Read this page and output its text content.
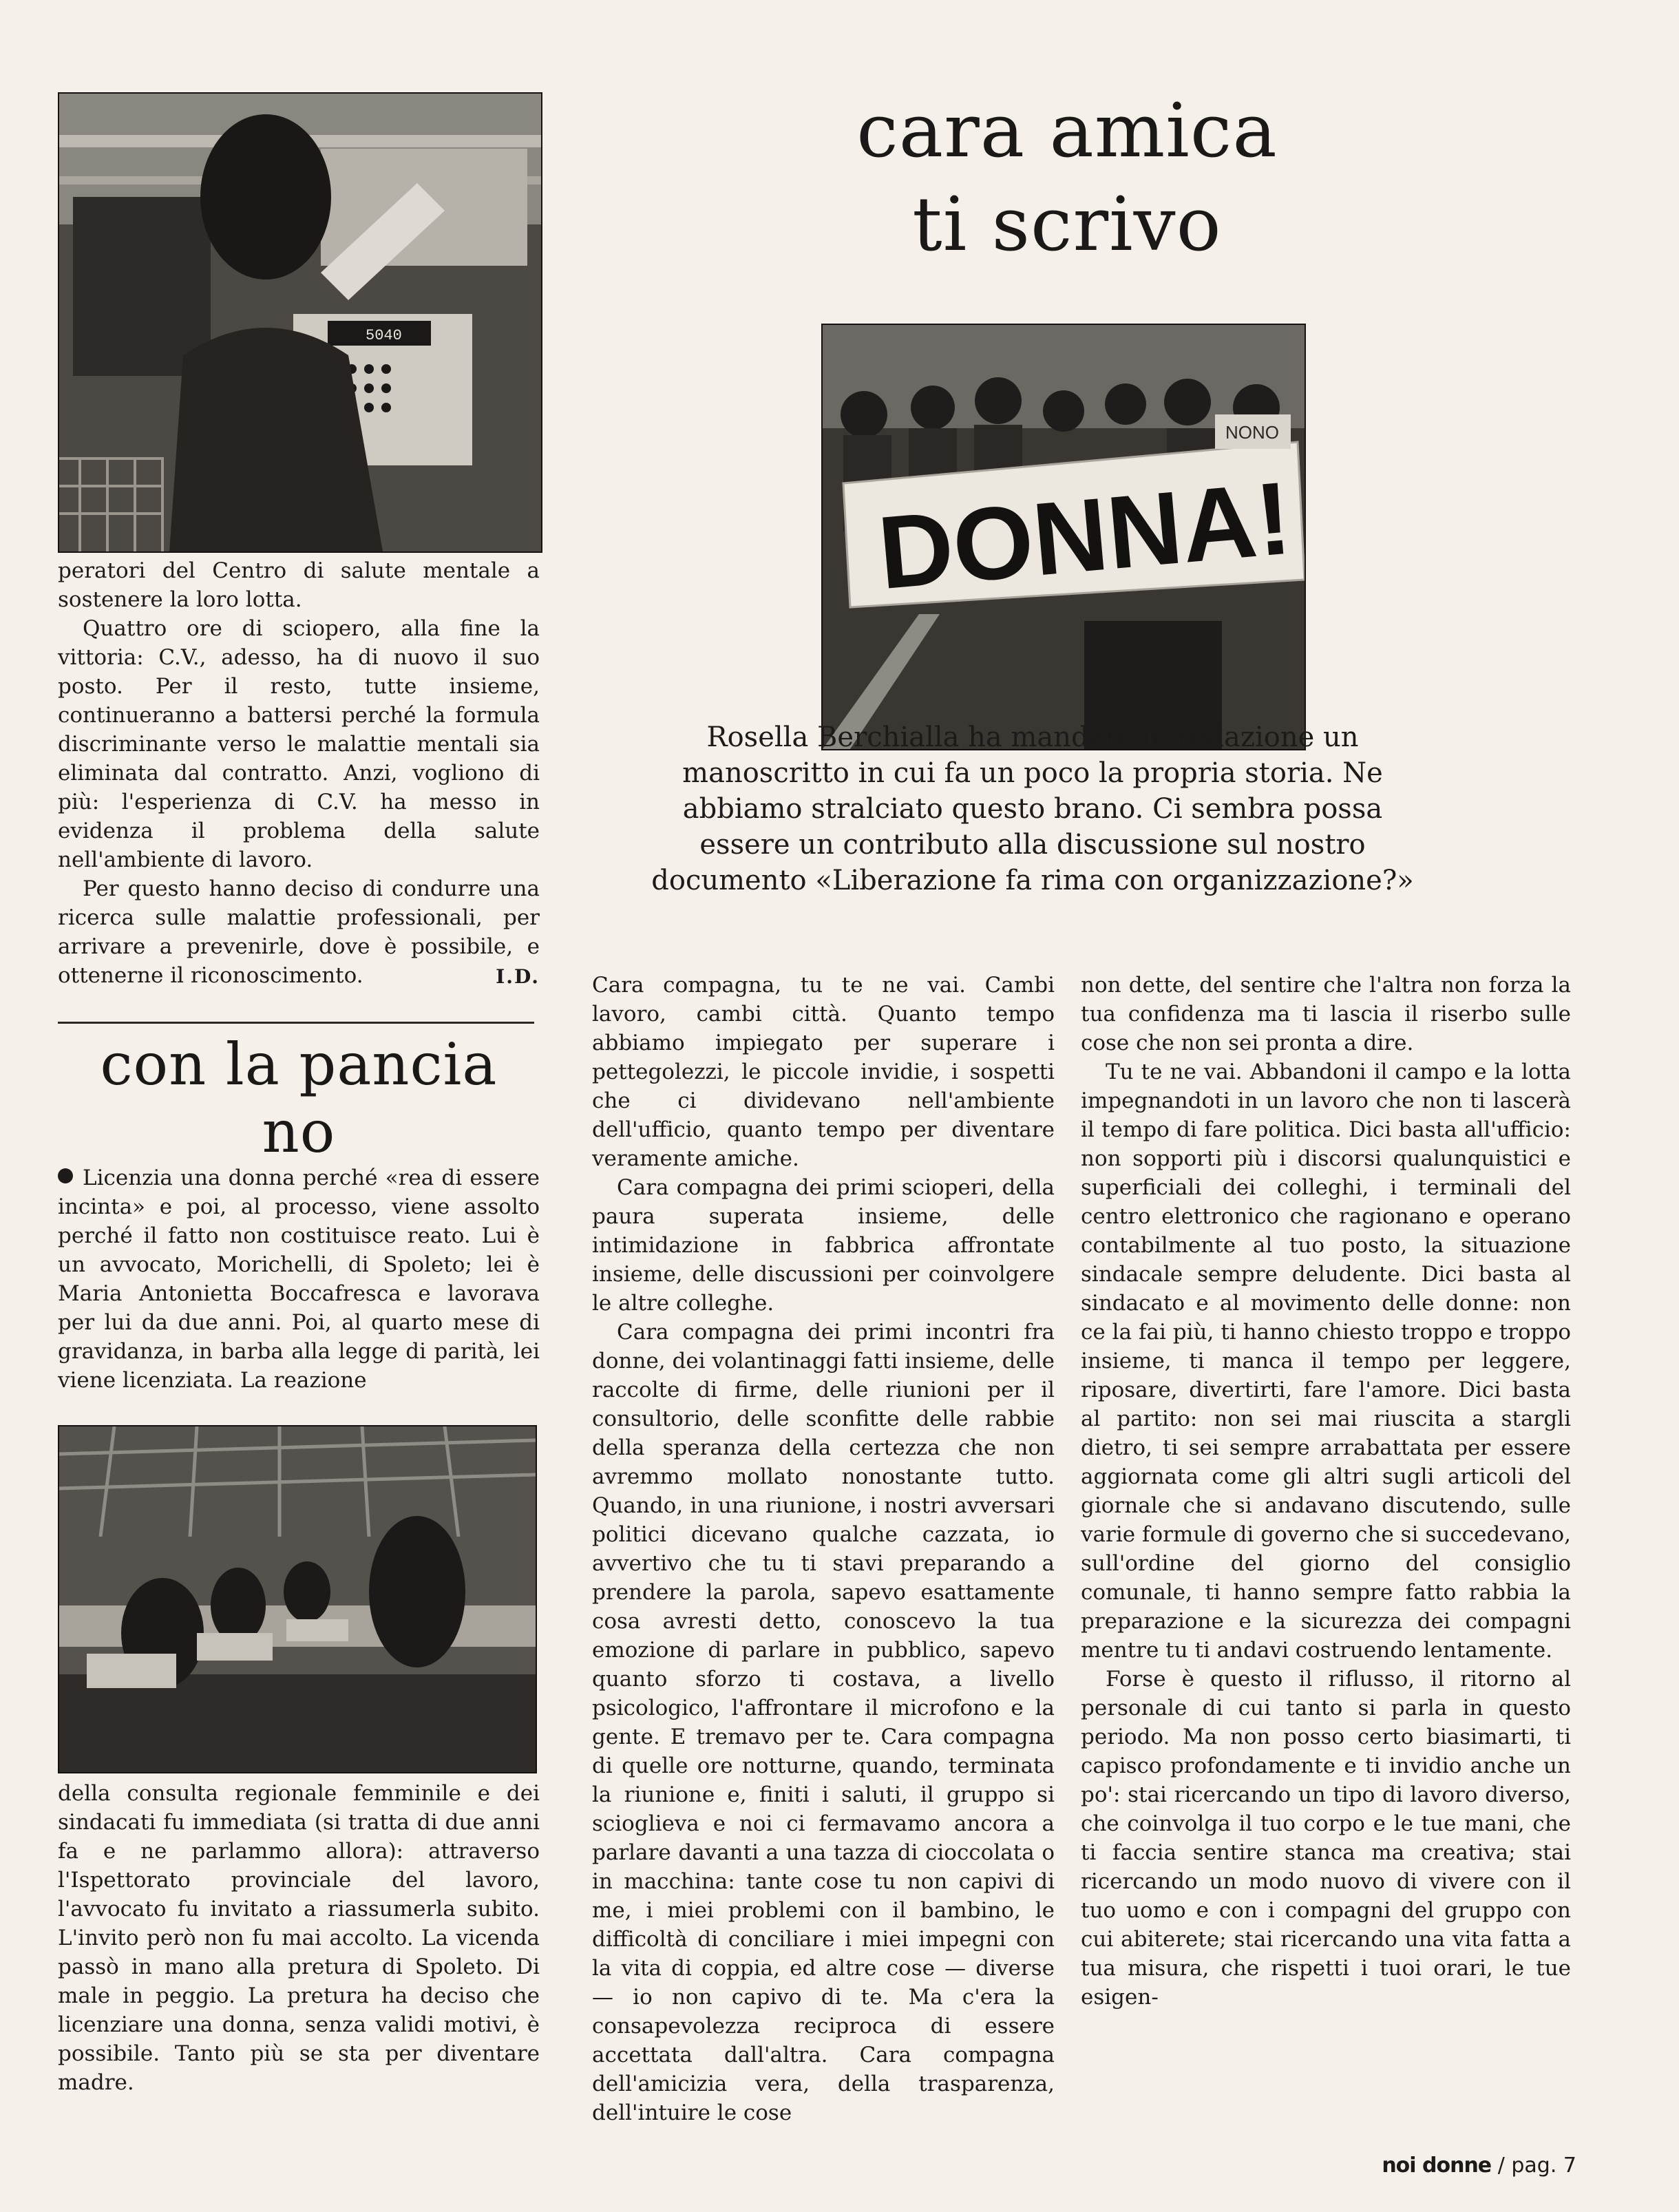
5040
cara amica
ti scrivo
DONNA!
NONO

peratori del Centro di salute mentale a sostenere la loro lotta.

Quattro ore di sciopero, alla fine la vittoria: C.V., adesso, ha di nuovo il suo posto. Per il resto, tutte insieme, continueranno a battersi perché la formula discriminante verso le malattie mentali sia eliminata dal contratto. Anzi, vogliono di più: l'esperienza di C.V. ha messo in evidenza il problema della salute nell'ambiente di lavoro.

Per questo hanno deciso di condurre una ricerca sulle malattie professionali, per arrivare a prevenirle, dove è possibile, e ottenerne il riconoscimento.	I.D.
con la pancia
no

Licenzia una donna perché «rea di essere incinta» e poi, al processo, viene assolto perché il fatto non costituisce reato. Lui è un avvocato, Morichelli, di Spoleto; lei è Maria Antonietta Boccafresca e lavorava per lui da due anni. Poi, al quarto mese di gravidanza, in barba alla legge di parità, lei viene licenziata. La reazione

della consulta regionale femminile e dei sindacati fu immediata (si tratta di due anni fa e ne parlammo allora): attraverso l'Ispettorato provinciale del lavoro, l'avvocato fu invitato a riassumerla subito. L'invito però non fu mai accolto. La vicenda passò in mano alla pretura di Spoleto. Di male in peggio. La pretura ha deciso che licenziare una donna, senza validi motivi, è possibile. Tanto più se sta per diventare madre.

Rosella Berchialla ha mandato in redazione un manoscritto in cui fa un poco la propria storia. Ne abbiamo stralciato questo brano. Ci sembra possa essere un contributo alla discussione sul nostro documento «Liberazione fa rima con organizzazione?»

Cara compagna, tu te ne vai. Cambi lavoro, cambi città. Quanto tempo abbiamo impiegato per superare i pettegolezzi, le piccole invidie, i sospetti che ci dividevano nell'ambiente dell'ufficio, quanto tempo per diventare veramente amiche.

Cara compagna dei primi scioperi, della paura superata insieme, delle intimidazione in fabbrica affrontate insieme, delle discussioni per coinvolgere le altre colleghe.

Cara compagna dei primi incontri fra donne, dei volantinaggi fatti insieme, delle raccolte di firme, delle riunioni per il consultorio, delle sconfitte delle rabbie della speranza della certezza che non avremmo mollato nonostante tutto. Quando, in una riunione, i nostri avversari politici dicevano qualche cazzata, io avvertivo che tu ti stavi preparando a prendere la parola, sapevo esattamente cosa avresti detto, conoscevo la tua emozione di parlare in pubblico, sapevo quanto sforzo ti costava, a livello psicologico, l'affrontare il microfono e la gente. E tremavo per te. Cara compagna di quelle ore notturne, quando, terminata la riunione e, finiti i saluti, il gruppo si scioglieva e noi ci fermavamo ancora a parlare davanti a una tazza di cioccolata o in macchina: tante cose tu non capivi di me, i miei problemi con il bambino, le difficoltà di conciliare i miei impegni con la vita di coppia, ed altre cose — diverse — io non capivo di te. Ma c'era la consapevolezza reciproca di essere accettata dall'altra. Cara compagna dell'amicizia vera, della trasparenza, dell'intuire le cose

non dette, del sentire che l'altra non forza la tua confidenza ma ti lascia il riserbo sulle cose che non sei pronta a dire.

Tu te ne vai. Abbandoni il campo e la lotta impegnandoti in un lavoro che non ti lascerà il tempo di fare politica. Dici basta all'ufficio: non sopporti più i discorsi qualunquistici e superficiali dei colleghi, i terminali del centro elettronico che ragionano e operano contabilmente al tuo posto, la situazione sindacale sempre deludente. Dici basta al sindacato e al movimento delle donne: non ce la fai più, ti hanno chiesto troppo e troppo insieme, ti manca il tempo per leggere, riposare, divertirti, fare l'amore. Dici basta al partito: non sei mai riuscita a stargli dietro, ti sei sempre arrabattata per essere aggiornata come gli altri sugli articoli del giornale che si andavano discutendo, sulle varie formule di governo che si succedevano, sull'ordine del giorno del consiglio comunale, ti hanno sempre fatto rabbia la preparazione e la sicurezza dei compagni mentre tu ti andavi costruendo lentamente.

Forse è questo il riflusso, il ritorno al personale di cui tanto si parla in questo periodo. Ma non posso certo biasimarti, ti capisco profondamente e ti invidio anche un po': stai ricercando un tipo di lavoro diverso, che coinvolga il tuo corpo e le tue mani, che ti faccia sentire stanca ma creativa; stai ricercando un modo nuovo di vivere con il tuo uomo e con i compagni del gruppo con cui abiterete; stai ricercando una vita fatta a tua misura, che rispetti i tuoi orari, le tue esigen-

noi donne / pag. 7
